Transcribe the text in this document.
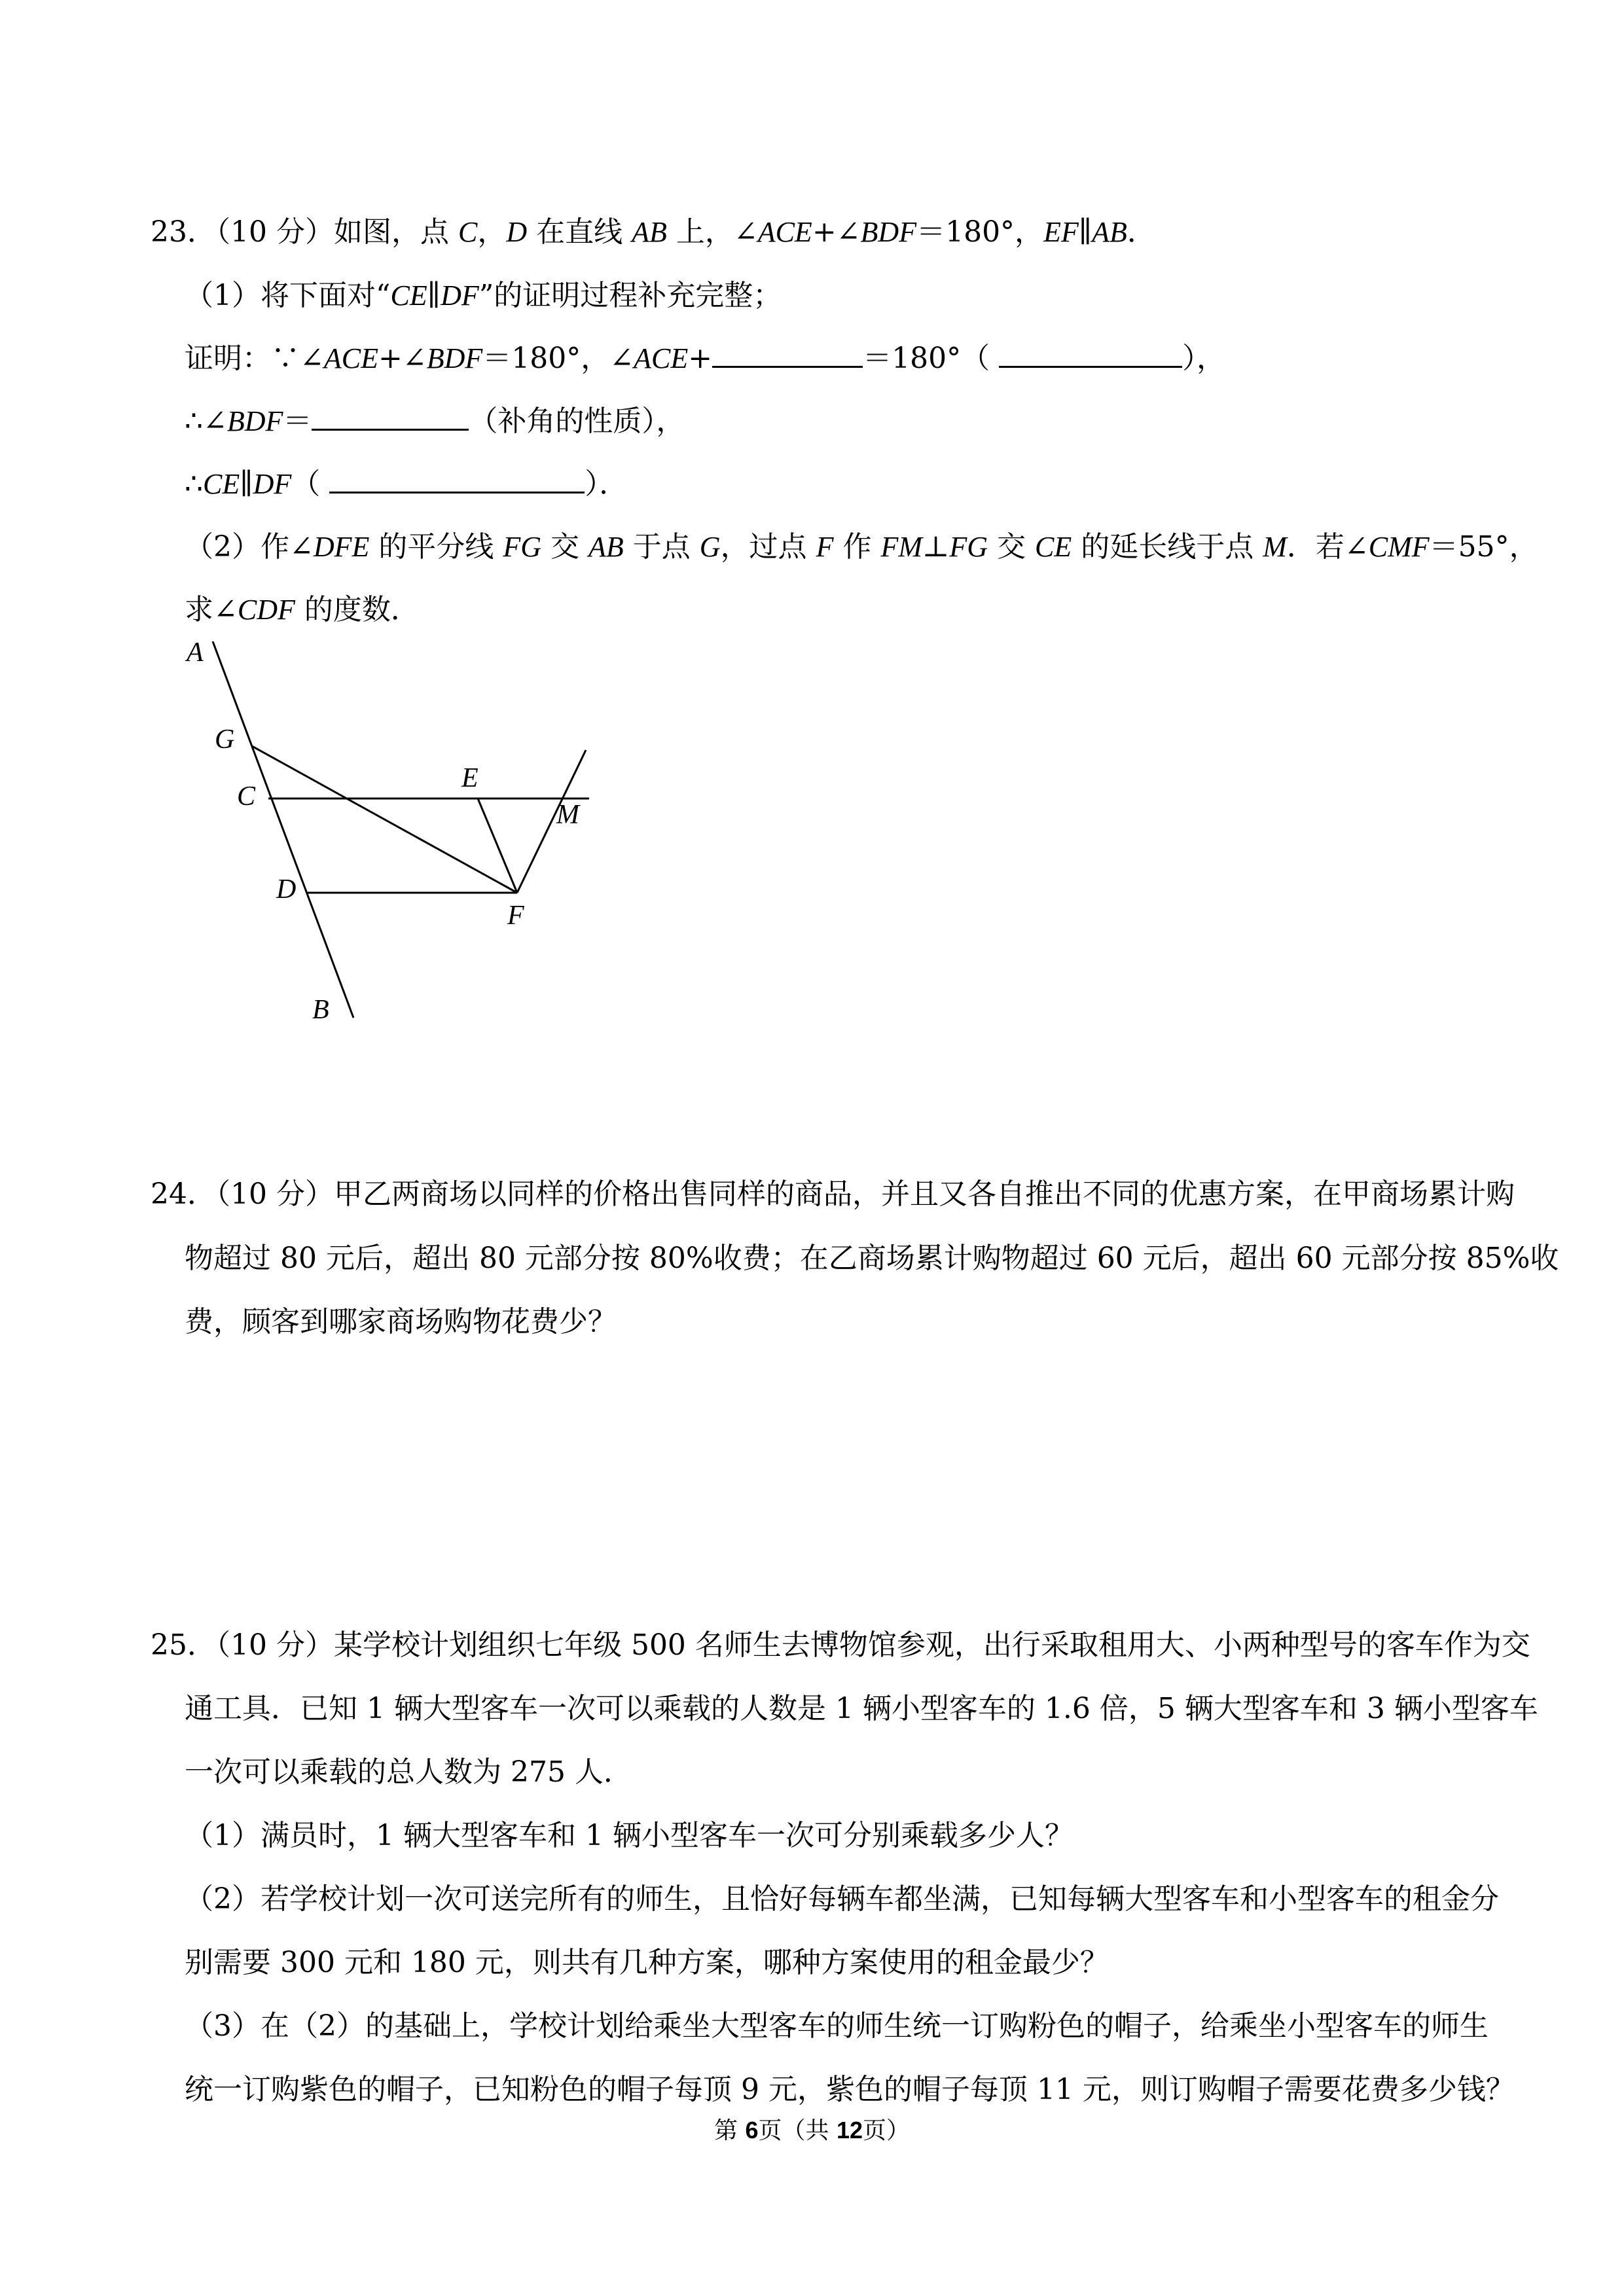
23．（10 分）如图，点 C，D 在直线 AB 上，∠ACE+∠BDF＝180°，EF∥AB．
（1）将下面对“CE∥DF”的证明过程补充完整；
证明：∵∠ACE+∠BDF＝180°，∠ACE+	＝180°（	），
∴∠BDF＝	（补角的性质），
∴CE∥DF（	）．
（2）作∠DFE 的平分线 FG 交 AB 于点 G，过点 F 作 FM⊥FG 交 CE 的延长线于点 M．若∠CMF＝55°，
求∠CDF 的度数．
A
G
C
E
M
D
F
B
24．（10 分）甲乙两商场以同样的价格出售同样的商品，并且又各自推出不同的优惠方案，在甲商场累计购
物超过 80 元后，超出 80 元部分按 80%收费；在乙商场累计购物超过 60 元后，超出 60 元部分按 85%收
费，顾客到哪家商场购物花费少？
25．（10 分）某学校计划组织七年级 500 名师生去博物馆参观，出行采取租用大、小两种型号的客车作为交
通工具．已知 1 辆大型客车一次可以乘载的人数是 1 辆小型客车的 1.6 倍，5 辆大型客车和 3 辆小型客车
一次可以乘载的总人数为 275 人．
（1）满员时，1 辆大型客车和 1 辆小型客车一次可分别乘载多少人？
（2）若学校计划一次可送完所有的师生，且恰好每辆车都坐满，已知每辆大型客车和小型客车的租金分
别需要 300 元和 180 元，则共有几种方案，哪种方案使用的租金最少？
（3）在（2）的基础上，学校计划给乘坐大型客车的师生统一订购粉色的帽子，给乘坐小型客车的师生
统一订购紫色的帽子，已知粉色的帽子每顶 9 元，紫色的帽子每顶 11 元，则订购帽子需要花费多少钱？
第 6页（共 12页）
